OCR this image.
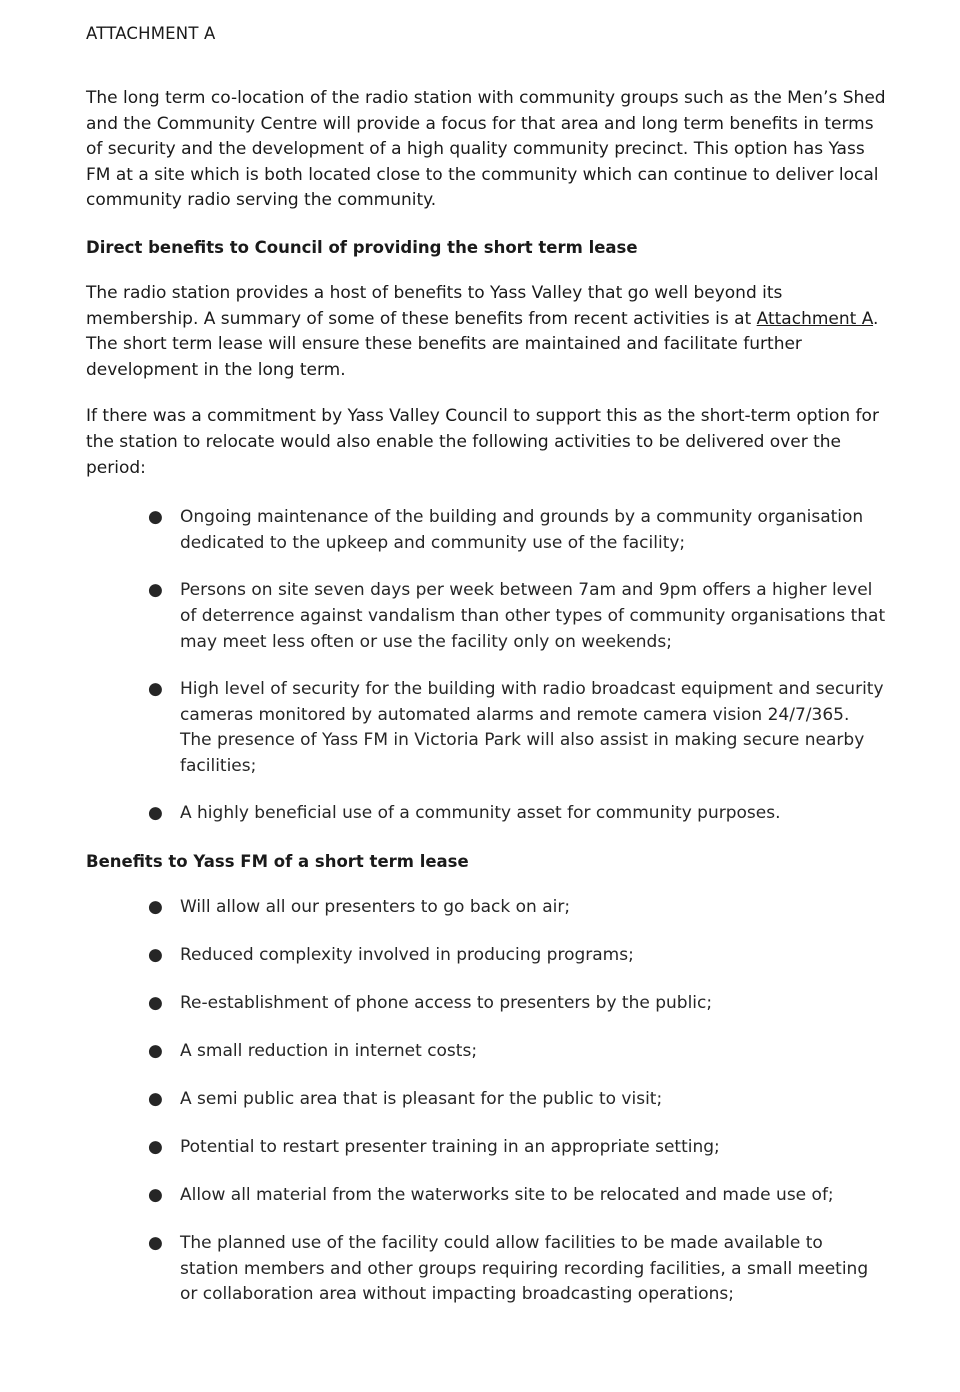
ATTACHMENT A

The long term co-location of the radio station with community groups such as the Men’s Shed and the Community Centre will provide a focus for that area and long term benefits in terms of security and the development of a high quality community precinct. This option has Yass FM at a site which is both located close to the community which can continue to deliver local community radio serving the community.

Direct benefits to Council of providing the short term lease

The radio station provides a host of benefits to Yass Valley that go well beyond its membership. A summary of some of these benefits from recent activities is at Attachment A. The short term lease will ensure these benefits are maintained and facilitate further development in the long term.

If there was a commitment by Yass Valley Council to support this as the short-term option for the station to relocate would also enable the following activities to be delivered over the period:

● Ongoing maintenance of the building and grounds by a community organisation dedicated to the upkeep and community use of the facility;
● Persons on site seven days per week between 7am and 9pm offers a higher level of deterrence against vandalism than other types of community organisations that may meet less often or use the facility only on weekends;
● High level of security for the building with radio broadcast equipment and security cameras monitored by automated alarms and remote camera vision 24/7/365. The presence of Yass FM in Victoria Park will also assist in making secure nearby facilities;
● A highly beneficial use of a community asset for community purposes.
Benefits to Yass FM of a short term lease
● Will allow all our presenters to go back on air;
● Reduced complexity involved in producing programs;
● Re-establishment of phone access to presenters by the public;
● A small reduction in internet costs;
● A semi public area that is pleasant for the public to visit;
● Potential to restart presenter training in an appropriate setting;
● Allow all material from the waterworks site to be relocated and made use of;
● The planned use of the facility could allow facilities to be made available to station members and other groups requiring recording facilities, a small meeting or collaboration area without impacting broadcasting operations;
